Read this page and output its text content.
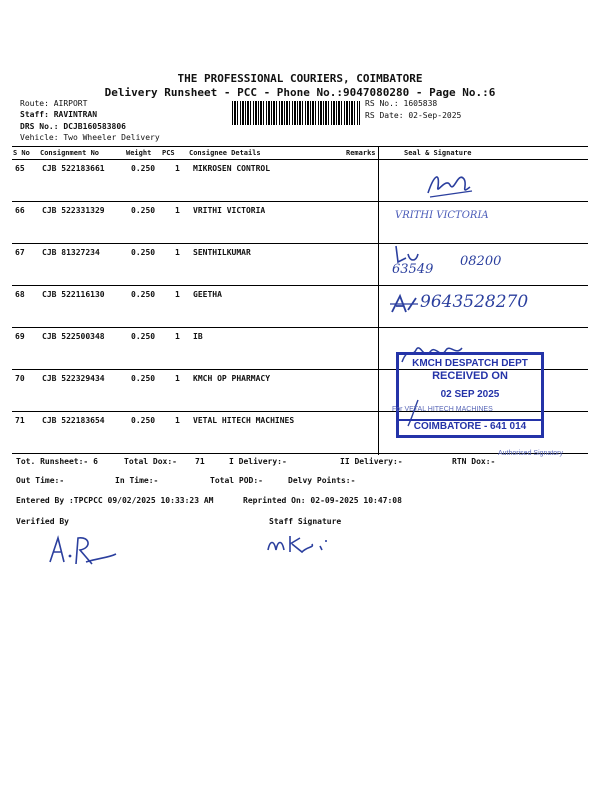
THE PROFESSIONAL COURIERS, COIMBATORE
Delivery Runsheet - PCC - Phone No.:9047080280 - Page No.:6
Route: AIRPORT
Staff: RAVINTRAN
DRS No.: DCJB160583806
Vehicle: Two Wheeler Delivery
RS No.: 1605838
RS Date: 02-Sep-2025
S No Consignment No	Weight PCS Consignee Details	Remarks	Seal & Signature
65 CJB 522183661	0.250 1 MIKROSEN CONTROL
66 CJB 522331329	0.250 1 VRITHI VICTORIA
67 CJB 81327234	0.250 1 SENTHILKUMAR
68 CJB 522116130	0.250 1 GEETHA
69 CJB 522500348	0.250 1 IB
70 CJB 522329434	0.250 1 KMCH OP PHARMACY
71 CJB 522183654	0.250 1 VETAL HITECH MACHINES
VRITHI VICTORIA
63549
08200
9643528270
KMCH DESPATCH DEPT
RECEIVED ON
02 SEP 2025
COIMBATORE - 641 014
For VETAL HITECH MACHINES
Authorised Signatory
Tot. Runsheet:- 6	Total Dox:- 71	I Delivery:-	II Delivery:-	RTN Dox:-
Out Time:-	In Time:-	Total POD:-	Delvy Points:-
Entered By :TPCPCC 09/02/2025 10:33:23 AM	Reprinted On: 02-09-2025 10:47:08
Verified By	Staff Signature
